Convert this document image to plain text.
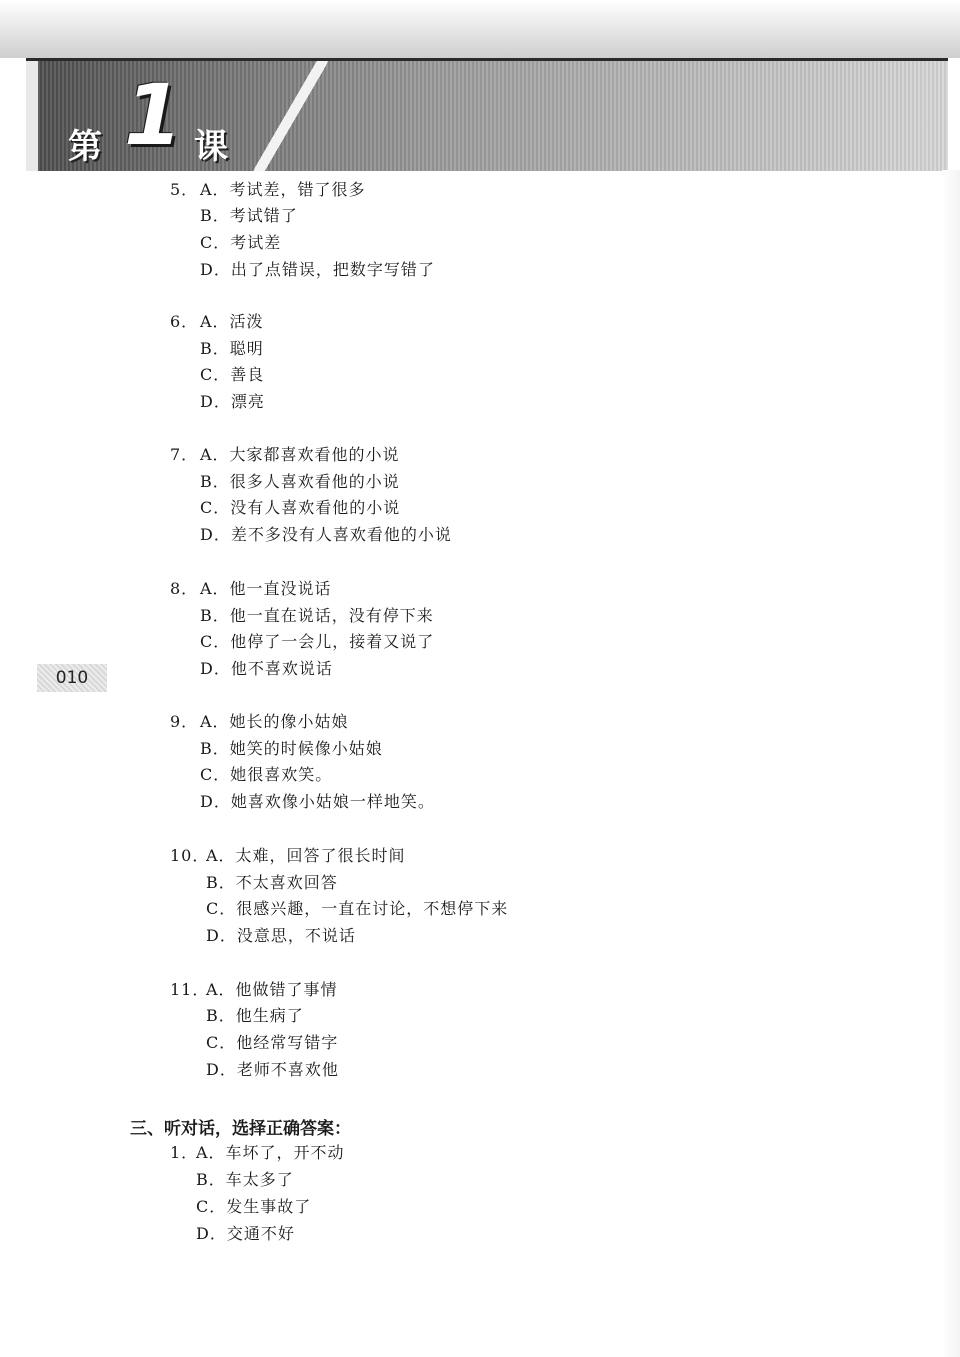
第 1 课
010
5． A．考试差，错了很多
B．考试错了
C．考试差
D．出了点错误，把数字写错了
6． A．活泼
B．聪明
C．善良
D．漂亮
7． A．大家都喜欢看他的小说
B．很多人喜欢看他的小说
C．没有人喜欢看他的小说
D．差不多没有人喜欢看他的小说
8． A．他一直没说话
B．他一直在说话，没有停下来
C．他停了一会儿，接着又说了
D．他不喜欢说话
9． A．她长的像小姑娘
B．她笑的时候像小姑娘
C．她很喜欢笑。
D．她喜欢像小姑娘一样地笑。
10．
A．太难，回答了很长时间
B．不太喜欢回答
C．很感兴趣，一直在讨论，不想停下来
D．没意思，不说话
11．
A．他做错了事情
B．他生病了
C．他经常写错字
D．老师不喜欢他
三、听对话，选择正确答案：
1．
A．车坏了，开不动
B．车太多了
C．发生事故了
D．交通不好
